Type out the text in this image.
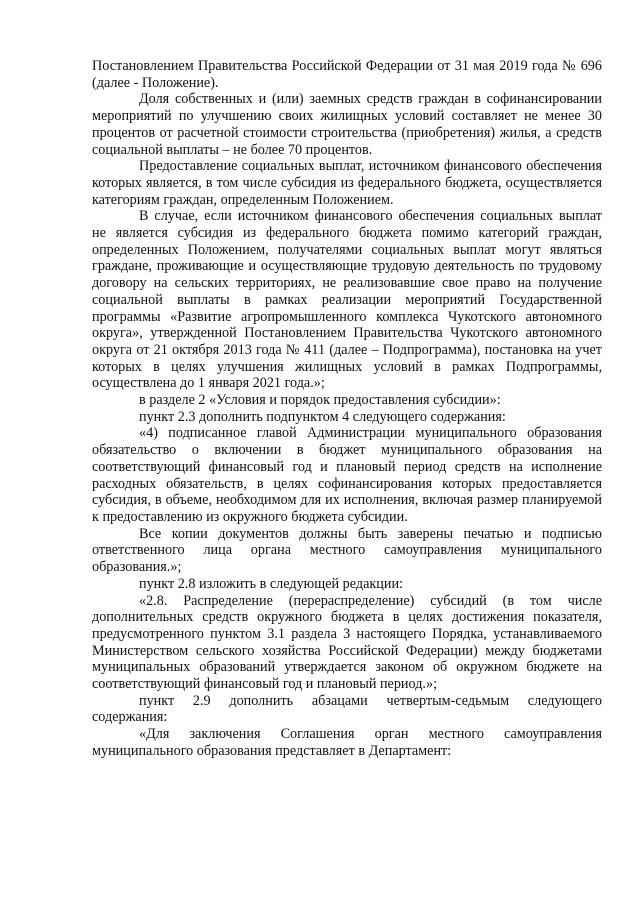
Постановлением Правительства Российской Федерации от 31 мая 2019 года № 696 (далее - Положение).

Доля собственных и (или) заемных средств граждан в софинансировании мероприятий по улучшению своих жилищных условий составляет не менее 30 процентов от расчетной стоимости строительства (приобретения) жилья, а средств социальной выплаты – не более 70 процентов.

Предоставление социальных выплат, источником финансового обеспечения которых является, в том числе субсидия из федерального бюджета, осуществляется категориям граждан, определенным Положением.

В случае, если источником финансового обеспечения социальных выплат не является субсидия из федерального бюджета помимо категорий граждан, определенных Положением, получателями социальных выплат могут являться граждане, проживающие и осуществляющие трудовую деятельность по трудовому договору на сельских территориях, не реализовавшие свое право на получение социальной выплаты в рамках реализации мероприятий Государственной программы «Развитие агропромышленного комплекса Чукотского автономного округа», утвержденной Постановлением Правительства Чукотского автономного округа от 21 октября 2013 года № 411 (далее – Подпрограмма), постановка на учет которых в целях улучшения жилищных условий в рамках Подпрограммы, осуществлена до 1 января 2021 года.»;

в разделе 2 «Условия и порядок предоставления субсидии»:

пункт 2.3 дополнить подпунктом 4 следующего содержания:

«4) подписанное главой Администрации муниципального образования обязательство о включении в бюджет муниципального образования на соответствующий финансовый год и плановый период средств на исполнение расходных обязательств, в целях софинансирования которых предоставляется субсидия, в объеме, необходимом для их исполнения, включая размер планируемой к предоставлению из окружного бюджета субсидии.

Все копии документов должны быть заверены печатью и подписью ответственного лица органа местного самоуправления муниципального образования.»;

пункт 2.8 изложить в следующей редакции:

«2.8. Распределение (перераспределение) субсидий (в том числе дополнительных средств окружного бюджета в целях достижения показателя, предусмотренного пунктом 3.1 раздела 3 настоящего Порядка, устанавливаемого Министерством сельского хозяйства Российской Федерации) между бюджетами муниципальных образований утверждается законом об окружном бюджете на соответствующий финансовый год и плановый период.»;

пункт 2.9 дополнить абзацами четвертым-седьмым следующего содержания:

«Для заключения Соглашения орган местного самоуправления муниципального образования представляет в Департамент:
